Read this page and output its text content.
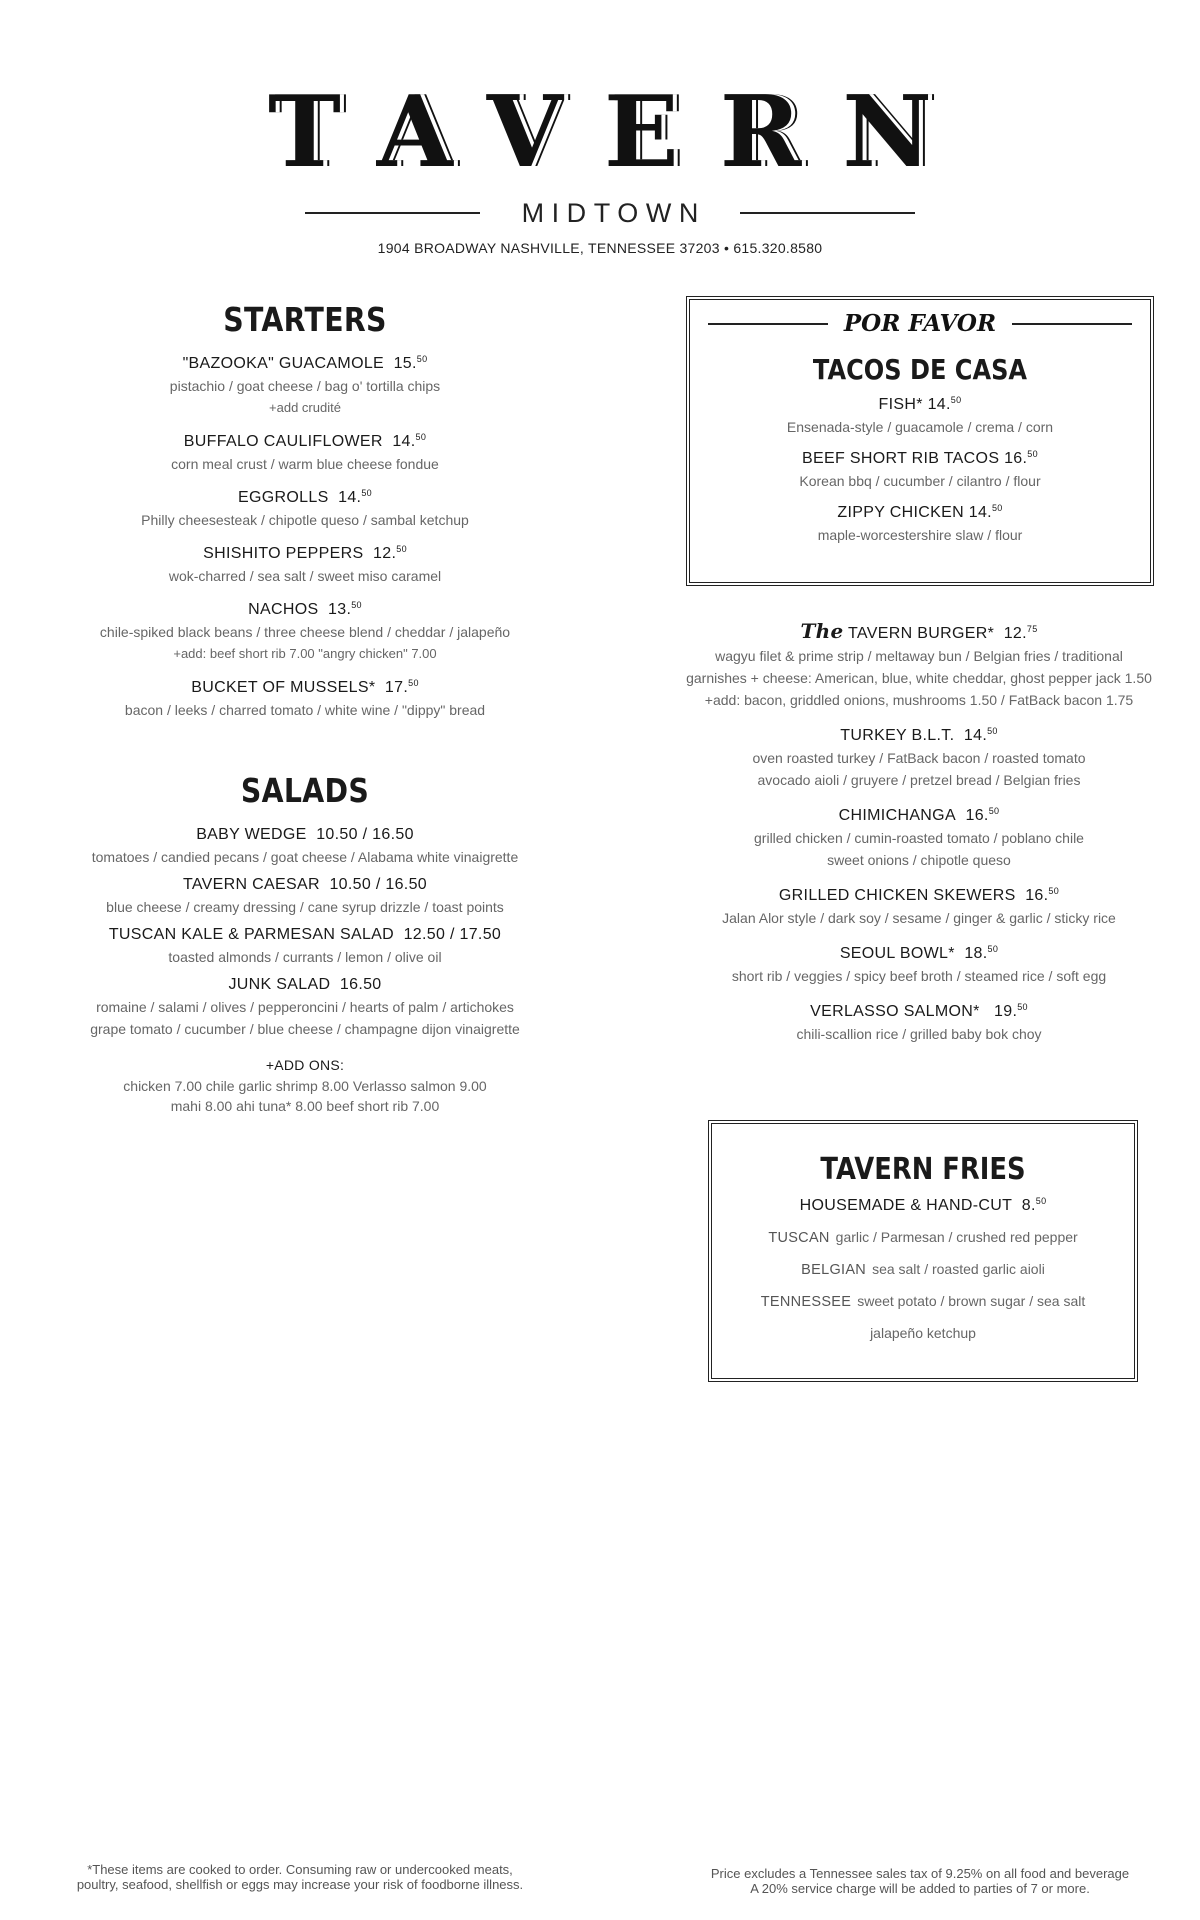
TAVERN
MIDTOWN
1904 BROADWAY NASHVILLE, TENNESSEE 37203 • 615.320.8580
STARTERS
"BAZOOKA" GUACAMOLE 15.50
pistachio / goat cheese / bag o' tortilla chips
+add crudité
BUFFALO CAULIFLOWER 14.50
corn meal crust / warm blue cheese fondue
EGGROLLS 14.50
Philly cheesesteak / chipotle queso / sambal ketchup
SHISHITO PEPPERS 12.50
wok-charred / sea salt / sweet miso caramel
NACHOS 13.50
chile-spiked black beans / three cheese blend / cheddar / jalapeño
+add: beef short rib 7.00 "angry chicken" 7.00
BUCKET OF MUSSELS* 17.50
bacon / leeks / charred tomato / white wine / "dippy" bread
SALADS
BABY WEDGE 10.50 / 16.50
tomatoes / candied pecans / goat cheese / Alabama white vinaigrette
TAVERN CAESAR 10.50 / 16.50
blue cheese / creamy dressing / cane syrup drizzle / toast points
TUSCAN KALE & PARMESAN SALAD 12.50 / 17.50
toasted almonds / currants / lemon / olive oil
JUNK SALAD 16.50
romaine / salami / olives / pepperoncini / hearts of palm / artichokes
grape tomato / cucumber / blue cheese / champagne dijon vinaigrette
+ADD ONS:
chicken 7.00 chile garlic shrimp 8.00 Verlasso salmon 9.00
mahi 8.00 ahi tuna* 8.00 beef short rib 7.00
POR FAVOR
TACOS DE CASA
FISH* 14.50
Ensenada-style / guacamole / crema / corn
BEEF SHORT RIB TACOS 16.50
Korean bbq / cucumber / cilantro / flour
ZIPPY CHICKEN 14.50
maple-worcestershire slaw / flour
The TAVERN BURGER* 12.75
wagyu filet & prime strip / meltaway bun / Belgian fries / traditional
garnishes + cheese: American, blue, white cheddar, ghost pepper jack 1.50
+add: bacon, griddled onions, mushrooms 1.50 / FatBack bacon 1.75
TURKEY B.L.T. 14.50
oven roasted turkey / FatBack bacon / roasted tomato
avocado aioli / gruyere / pretzel bread / Belgian fries
CHIMICHANGA 16.50
grilled chicken / cumin-roasted tomato / poblano chile
sweet onions / chipotle queso
GRILLED CHICKEN SKEWERS 16.50
Jalan Alor style / dark soy / sesame / ginger & garlic / sticky rice
SEOUL BOWL* 18.50
short rib / veggies / spicy beef broth / steamed rice / soft egg
VERLASSO SALMON* 19.50
chili-scallion rice / grilled baby bok choy
TAVERN FRIES
HOUSEMADE & HAND-CUT 8.50
TUSCAN garlic / Parmesan / crushed red pepper
BELGIAN sea salt / roasted garlic aioli
TENNESSEE sweet potato / brown sugar / sea salt
jalapeño ketchup
*These items are cooked to order. Consuming raw or undercooked meats,
poultry, seafood, shellfish or eggs may increase your risk of foodborne illness.
Price excludes a Tennessee sales tax of 9.25% on all food and beverage
A 20% service charge will be added to parties of 7 or more.
